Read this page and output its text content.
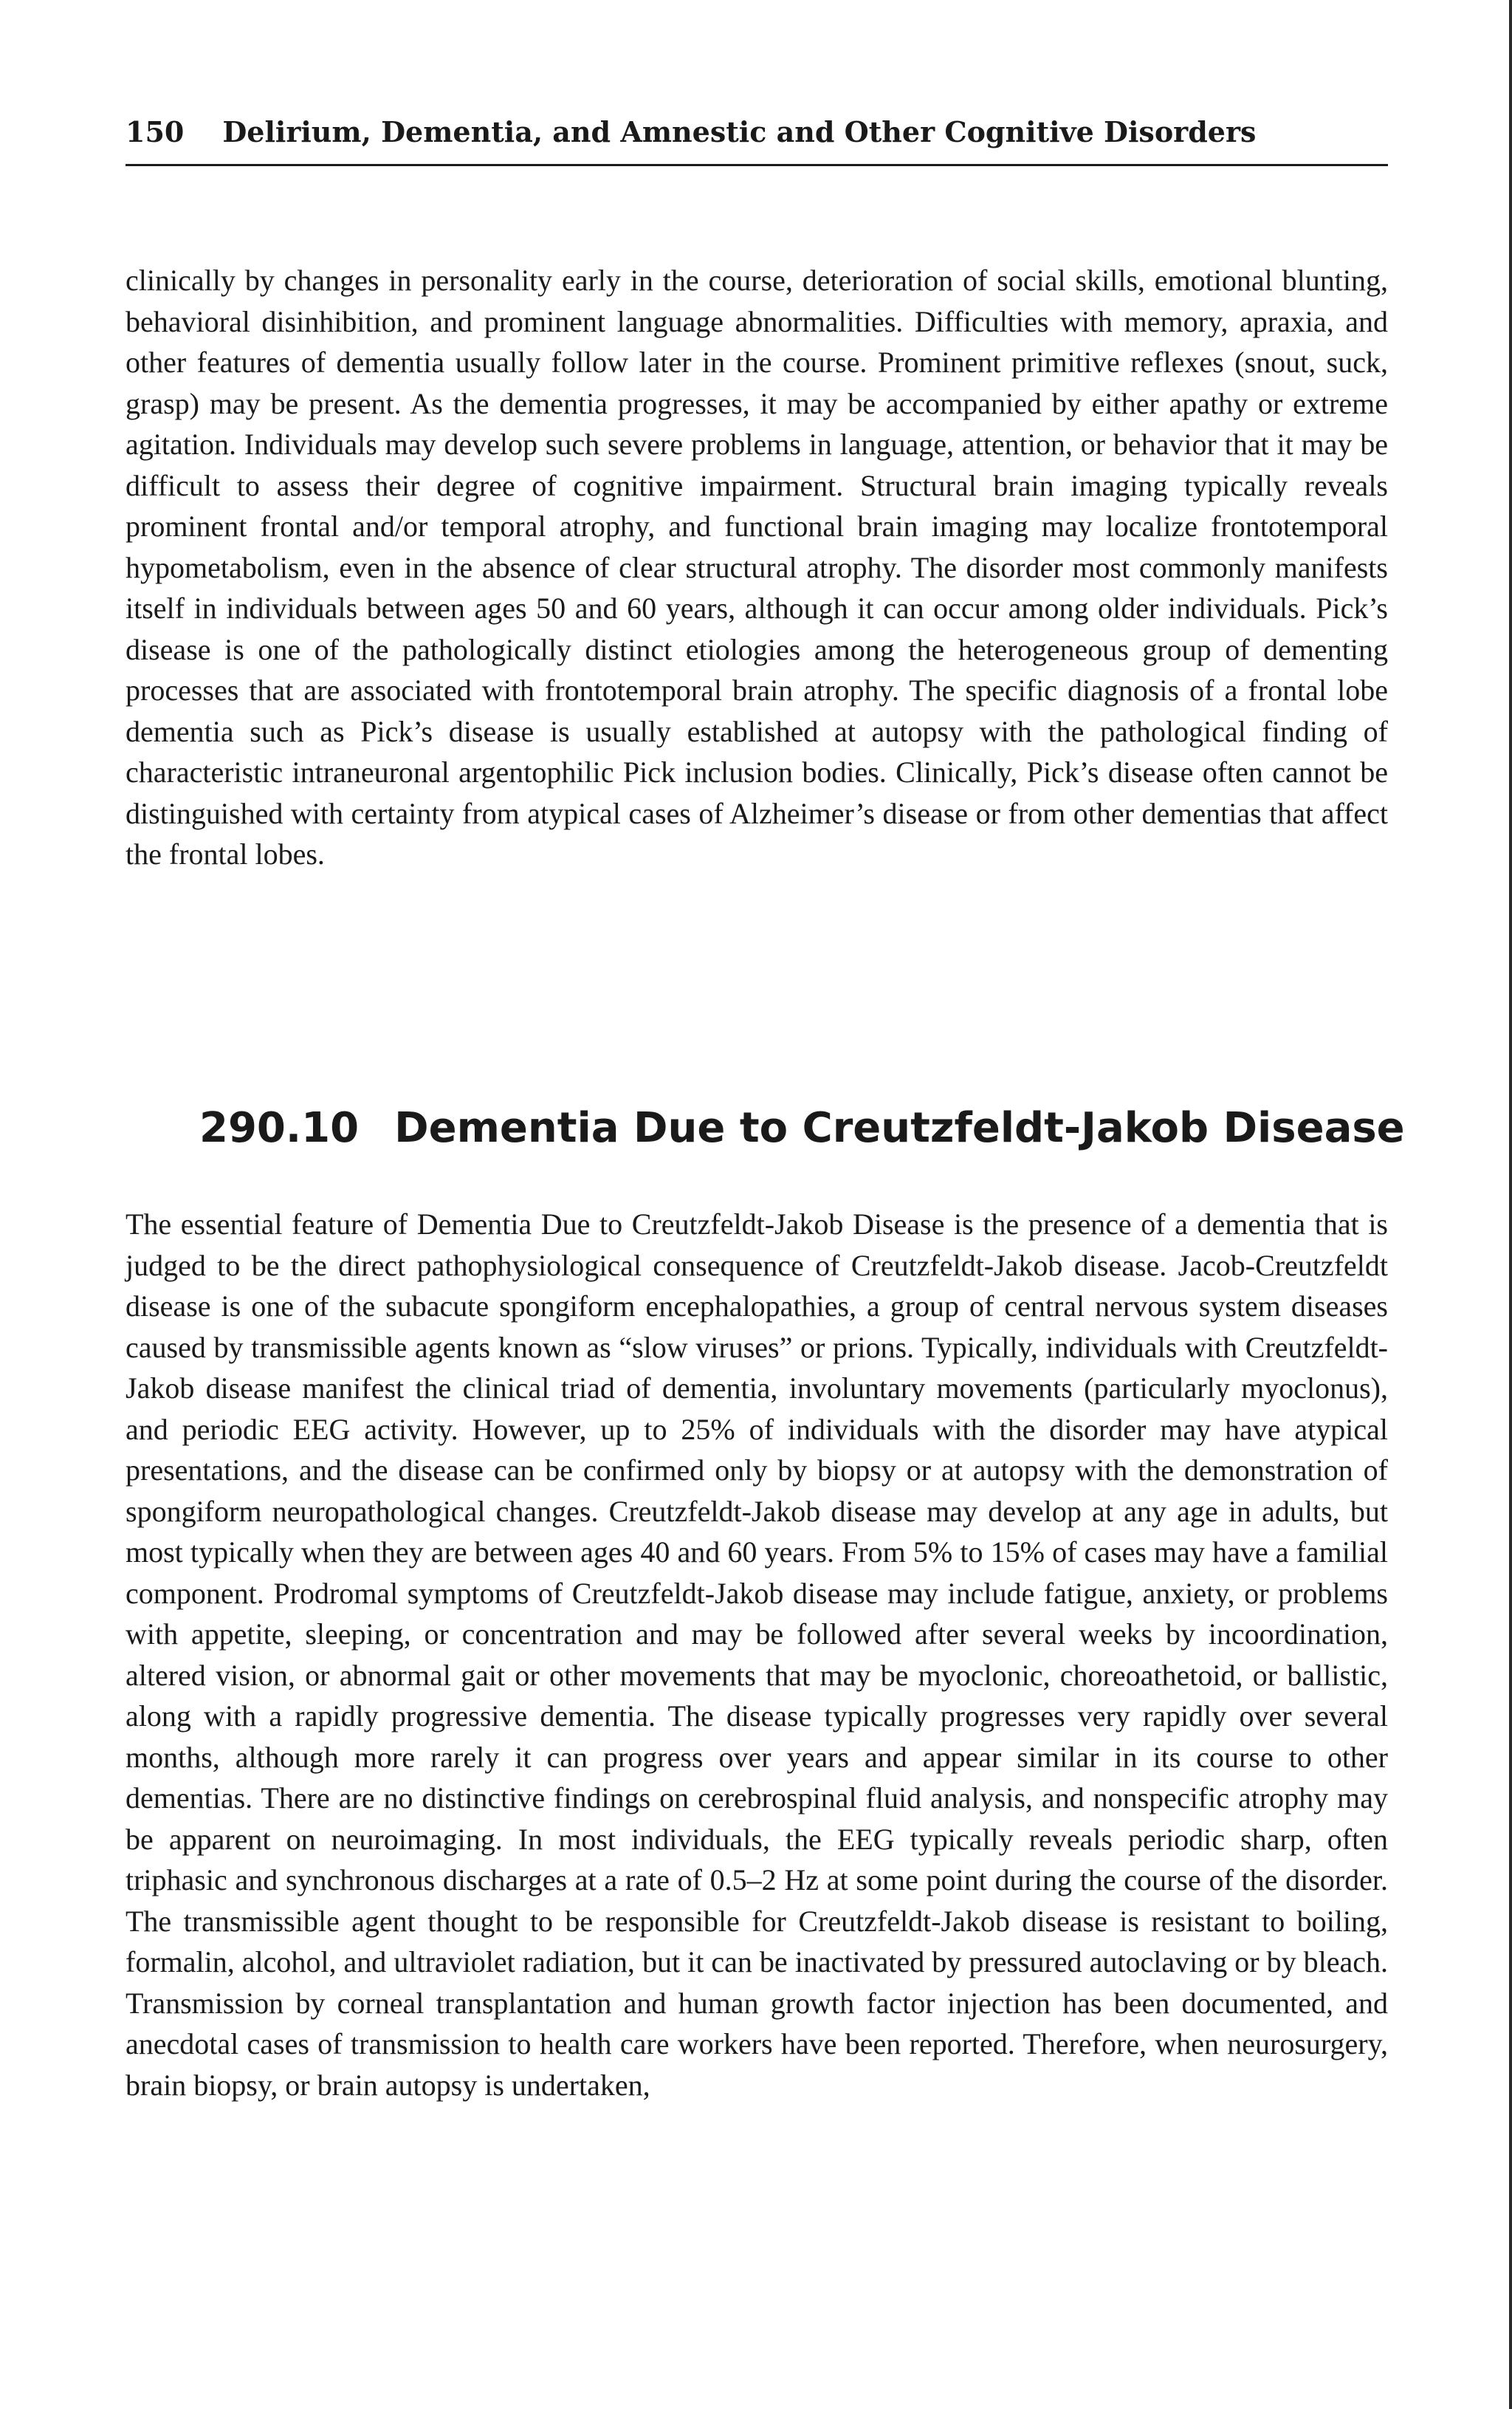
150 Delirium, Dementia, and Amnestic and Other Cognitive Disorders

clinically by changes in personality early in the course, deterioration of social skills, emotional blunting, behavioral disinhibition, and prominent language abnormalities. Difficulties with memory, apraxia, and other features of dementia usually follow later in the course. Prominent primitive reflexes (snout, suck, grasp) may be present. As the dementia progresses, it may be accompanied by either apathy or extreme agitation. Individuals may develop such severe problems in language, attention, or behavior that it may be difficult to assess their degree of cognitive impairment. Structural brain imaging typically reveals prominent frontal and/or temporal atrophy, and functional brain imaging may localize frontotemporal hypometabolism, even in the absence of clear structural atrophy. The disorder most commonly manifests itself in individuals between ages 50 and 60 years, although it can occur among older individuals. Pick’s disease is one of the pathologically distinct etiologies among the heterogeneous group of dementing processes that are associated with frontotemporal brain atrophy. The specific diagnosis of a frontal lobe dementia such as Pick’s disease is usually established at autopsy with the pathological finding of characteristic intraneuronal argentophilic Pick inclusion bodies. Clinically, Pick’s disease often cannot be distinguished with certainty from atypical cases of Alzheimer’s disease or from other dementias that affect the frontal lobes.

290.10 Dementia Due to Creutzfeldt-Jakob Disease

The essential feature of Dementia Due to Creutzfeldt-Jakob Disease is the presence of a dementia that is judged to be the direct pathophysiological consequence of Creutzfeldt-Jakob disease. Jacob-Creutzfeldt disease is one of the subacute spongiform encephalopathies, a group of central nervous system diseases caused by transmissible agents known as “slow viruses” or prions. Typically, individuals with Creutzfeldt-Jakob disease manifest the clinical triad of dementia, involuntary movements (particularly myoclonus), and periodic EEG activity. However, up to 25% of individuals with the disorder may have atypical presentations, and the disease can be confirmed only by biopsy or at autopsy with the demonstration of spongiform neuropathological changes. Creutzfeldt-Jakob disease may develop at any age in adults, but most typically when they are between ages 40 and 60 years. From 5% to 15% of cases may have a familial component. Prodromal symptoms of Creutzfeldt-Jakob disease may include fatigue, anxiety, or problems with appetite, sleeping, or concentration and may be followed after several weeks by incoordination, altered vision, or abnormal gait or other movements that may be myoclonic, choreoathetoid, or ballistic, along with a rapidly progressive dementia. The disease typically progresses very rapidly over several months, although more rarely it can progress over years and appear similar in its course to other dementias. There are no distinctive findings on cerebrospinal fluid analysis, and nonspecific atrophy may be apparent on neuroimaging. In most individuals, the EEG typically reveals periodic sharp, often triphasic and synchronous discharges at a rate of 0.5–2 Hz at some point during the course of the disorder. The transmissible agent thought to be responsible for Creutzfeldt-Jakob disease is resistant to boiling, formalin, alcohol, and ultraviolet radiation, but it can be inactivated by pressured autoclaving or by bleach. Transmission by corneal transplantation and human growth factor injection has been documented, and anecdotal cases of transmission to health care workers have been reported. Therefore, when neurosurgery, brain biopsy, or brain autopsy is undertaken,
